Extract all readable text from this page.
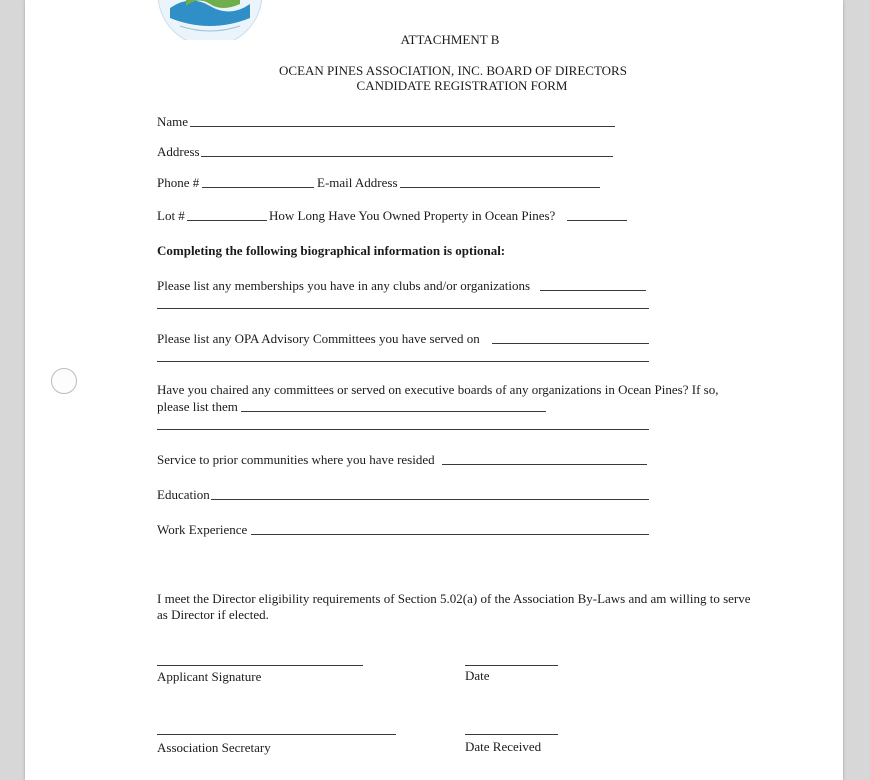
ATTACHMENT B
OCEAN PINES ASSOCIATION, INC. BOARD OF DIRECTORS
CANDIDATE REGISTRATION FORM
Name
Address
Phone #	E-mail Address
Lot #	How Long Have You Owned Property in Ocean Pines?
Completing the following biographical information is optional:
Please list any memberships you have in any clubs and/or organizations
Please list any OPA Advisory Committees you have served on
Have you chaired any committees or served on executive boards of any organizations in Ocean Pines? If so,
please list them
Service to prior communities where you have resided
Education
Work Experience
I meet the Director eligibility requirements of Section 5.02(a) of the Association By-Laws and am willing to serve as Director if elected.
Applicant Signature	Date
Association Secretary	Date Received
